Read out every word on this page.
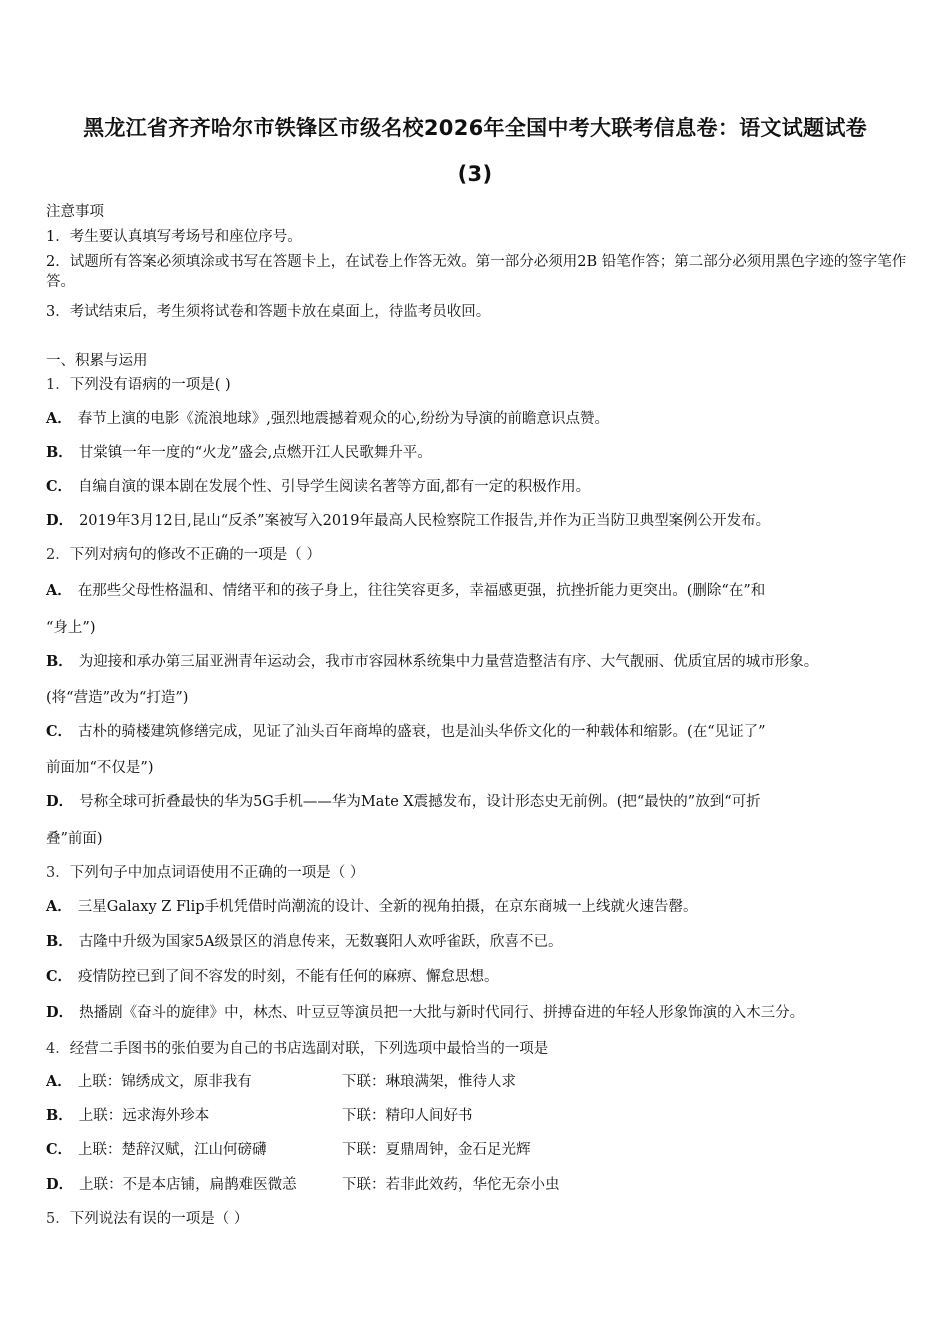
黑龙江省齐齐哈尔市铁锋区市级名校2026年全国中考大联考信息卷：语文试题试卷
(3)
注意事项
1．考生要认真填写考场号和座位序号。
2．试题所有答案必须填涂或书写在答题卡上，在试卷上作答无效。第一部分必须用2B 铅笔作答；第二部分必须用黑色字迹的签字笔作答。
3．考试结束后，考生须将试卷和答题卡放在桌面上，待监考员收回。
一、积累与运用
1．下列没有语病的一项是( )
A． 春节上演的电影《流浪地球》,强烈地震撼着观众的心,纷纷为导演的前瞻意识点赞。
B． 甘棠镇一年一度的“火龙”盛会,点燃开江人民歌舞升平。
C． 自编自演的课本剧在发展个性、引导学生阅读名著等方面,都有一定的积极作用。
D． 2019年3月12日,昆山“反杀”案被写入2019年最高人民检察院工作报告,并作为正当防卫典型案例公开发布。
2．下列对病句的修改不正确的一项是（ ）
A． 在那些父母性格温和、情绪平和的孩子身上，往往笑容更多，幸福感更强，抗挫折能力更突出。(删除“在”和
“身上”)
B． 为迎接和承办第三届亚洲青年运动会，我市市容园林系统集中力量营造整洁有序、大气靓丽、优质宜居的城市形象。
(将“营造”改为“打造”)
C． 古朴的骑楼建筑修缮完成，见证了汕头百年商埠的盛衰，也是汕头华侨文化的一种载体和缩影。(在“见证了”
前面加“不仅是”)
D． 号称全球可折叠最快的华为5G手机——华为Mate X震撼发布，设计形态史无前例。(把“最快的”放到“可折
叠”前面)
3．下列句子中加点词语使用不正确的一项是（ ）
A． 三星Galaxy Z Flip手机凭借时尚潮流的设计、全新的视角拍摄，在京东商城一上线就火速告罄。
B． 古隆中升级为国家5A级景区的消息传来，无数襄阳人欢呼雀跃，欣喜不已。
C． 疫情防控已到了间不容发的时刻，不能有任何的麻痹、懈怠思想。
D． 热播剧《奋斗的旋律》中，林杰、叶豆豆等演员把一大批与新时代同行、拼搏奋进的年轻人形象饰演的入木三分。
4．经营二手图书的张伯要为自己的书店选副对联，下列选项中最恰当的一项是
A． 上联：锦绣成文，原非我有	下联：琳琅满架，惟待人求
B． 上联：远求海外珍本	下联：精印人间好书
C． 上联：楚辞汉赋，江山何磅礴	下联：夏鼎周钟，金石足光辉
D． 上联：不是本店铺，扁鹊难医微恙	下联：若非此效药，华佗无奈小虫
5．下列说法有误的一项是（ ）
